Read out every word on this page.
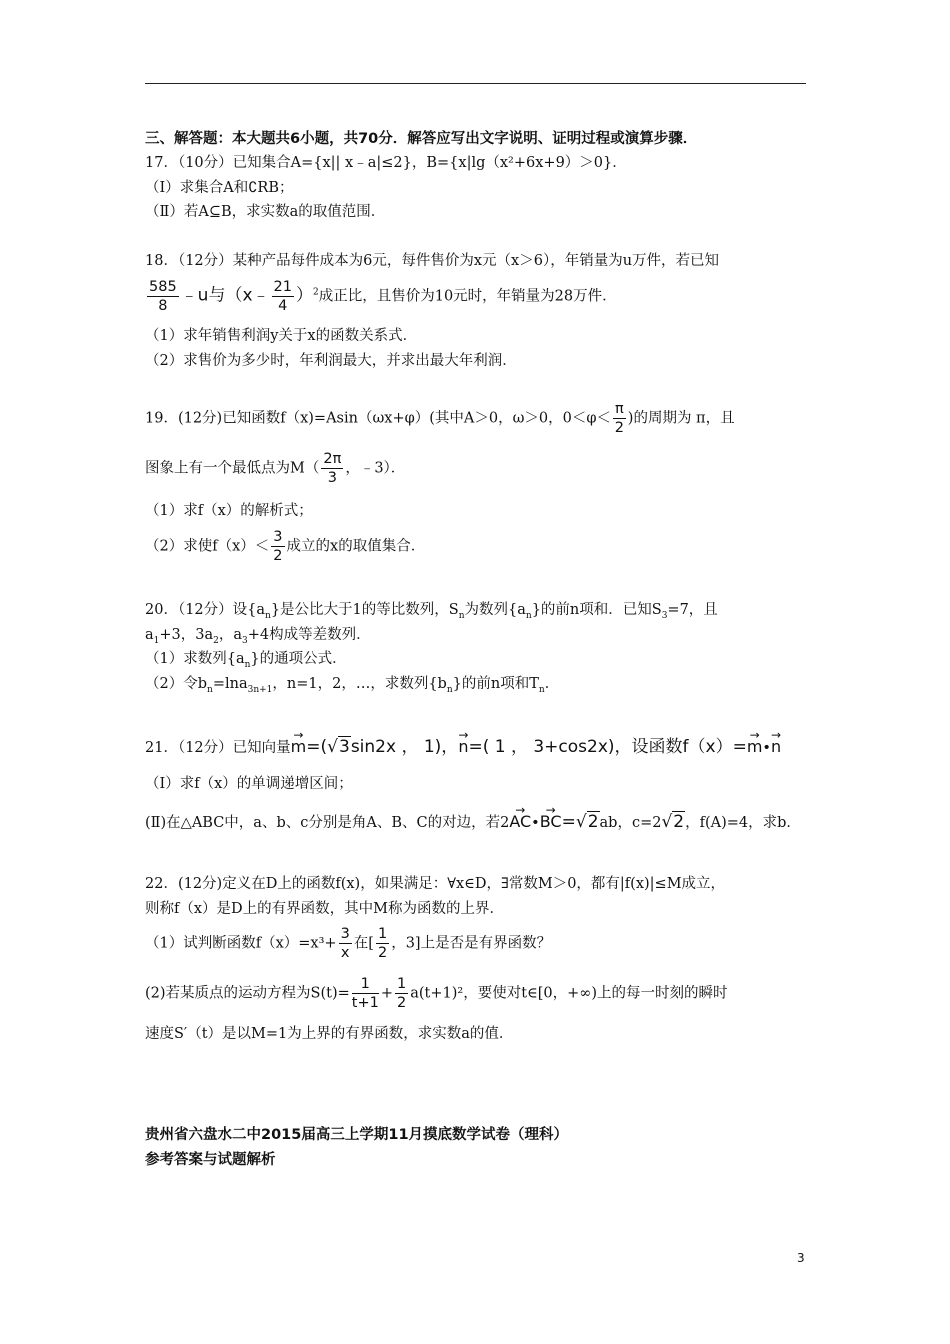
三、解答题：本大题共6小题，共70分．解答应写出文字说明、证明过程或演算步骤．
17．（10分）已知集合A={x|| x﹣a|≤2}，B={x|lg（x²+6x+9）＞0}．
（Ⅰ）求集合A和∁RB；
（Ⅱ）若A⊆B，求实数a的取值范围．
18．（12分）某种产品每件成本为6元，每件售价为x元（x＞6），年销量为u万件，若已知
$\frac{585}{8}$ ﹣u与（x﹣ $\frac{21}{4} )^2$成正比，且售价为10元时，年销量为28万件．
（1）求年销售利润y关于x的函数关系式．
（2）求售价为多少时，年利润最大，并求出最大年利润．
19．(12分)已知函数f（x)=Asin（ωx+φ）(其中A＞0，ω＞0，$0<\varphi< \frac{\pi}{2}$ )的周期为 π，且
图象上有一个最低点为$M( \frac{2\pi}{3}$ ，﹣3）．
（1）求f（x）的解析式；
（2）求使$f(x)< \frac{3}{2}$ 成立的x的取值集合．
20．（12分）设$\{a_n\}$是公比大于1的等比数列，$S_n$为数列$\{a_n\}$的前n项和．已知$S_3=7$，且
$a_1+3$，$3a_2$，$a_3+4$构成等差数列．
（1）求数列$\{a_n\}$的通项公式．
（2）令$b_n=\ln a_{3n+1}$，n=1，2，…，求数列$\{b_n\}$的前n项和$T_n$．
21．（12分）已知向量→ m=(√3sin2x ， 1)，→ n=( 1 ， 3+cos2x)，设函数f（x）=→ m•→ n
（Ⅰ）求f（x）的单调递增区间；
(Ⅱ)在△ABC中，a、b、c分别是角A、B、C的对边，若2→ AC•→ BC=√2ab，c=2√2，f(A)=4，求b．
22．(12分)定义在D上的函数f(x)，如果满足：∀x∈D，∃常数M＞0，都有|f(x)|≤M成立，
则称f（x）是D上的有界函数，其中M称为函数的上界．
（1）试判断函数$f(x)=x^3+ \frac{3}{x}$ 在[ $\frac{1}{2}$ ，3]上是否是有界函数？
(2)若某质点的运动方程为$S(t)= \frac{1}{t+1} + \frac{1}{2} a(t+1)^2$，要使对t∈[0，+∞)上的每一时刻的瞬时
速度S′（t）是以M=1为上界的有界函数，求实数a的值．
贵州省六盘水二中2015届高三上学期11月摸底数学试卷（理科）
参考答案与试题解析
3
